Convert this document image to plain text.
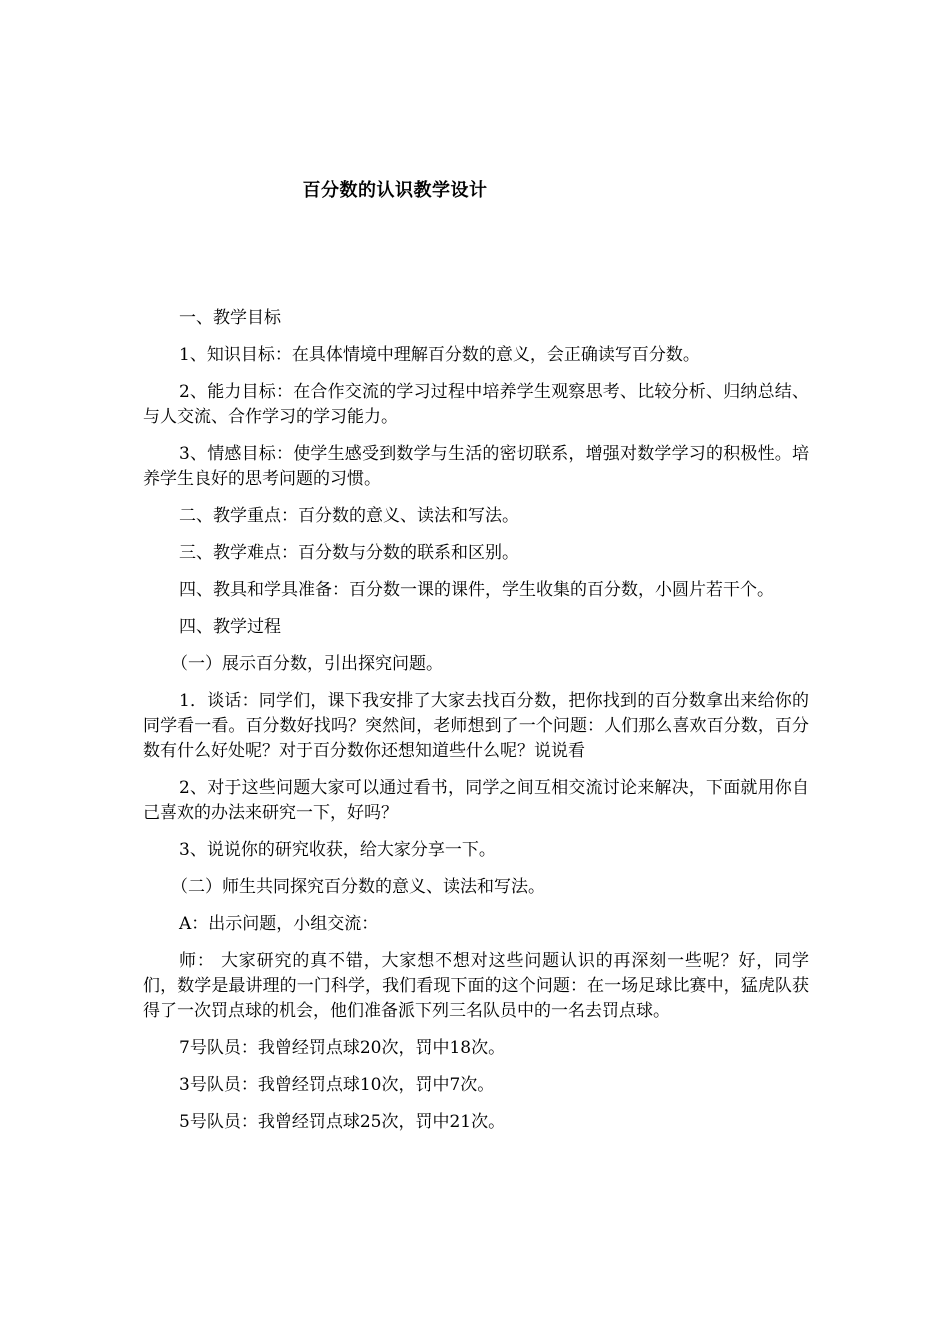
百分数的认识教学设计

一、教学目标

1、知识目标：在具体情境中理解百分数的意义，会正确读写百分数。

2、能力目标：在合作交流的学习过程中培养学生观察思考、比较分析、归纳总结、与人交流、合作学习的学习能力。

3、情感目标：使学生感受到数学与生活的密切联系，增强对数学学习的积极性。培养学生良好的思考问题的习惯。

二、教学重点：百分数的意义、读法和写法。

三、教学难点：百分数与分数的联系和区别。

四、教具和学具准备：百分数一课的课件，学生收集的百分数，小圆片若干个。

四、教学过程

（一）展示百分数，引出探究问题。

1．谈话：同学们，课下我安排了大家去找百分数，把你找到的百分数拿出来给你的同学看一看。百分数好找吗？突然间，老师想到了一个问题：人们那么喜欢百分数，百分数有什么好处呢？对于百分数你还想知道些什么呢？说说看

2、对于这些问题大家可以通过看书，同学之间互相交流讨论来解决，下面就用你自己喜欢的办法来研究一下，好吗？

3、说说你的研究收获，给大家分享一下。

（二）师生共同探究百分数的意义、读法和写法。

A：出示问题，小组交流：

师： 大家研究的真不错，大家想不想对这些问题认识的再深刻一些呢？好，同学们，数学是最讲理的一门科学，我们看现下面的这个问题：在一场足球比赛中，猛虎队获得了一次罚点球的机会，他们准备派下列三名队员中的一名去罚点球。

7号队员：我曾经罚点球20次，罚中18次。

3号队员：我曾经罚点球10次，罚中7次。

5号队员：我曾经罚点球25次，罚中21次。
